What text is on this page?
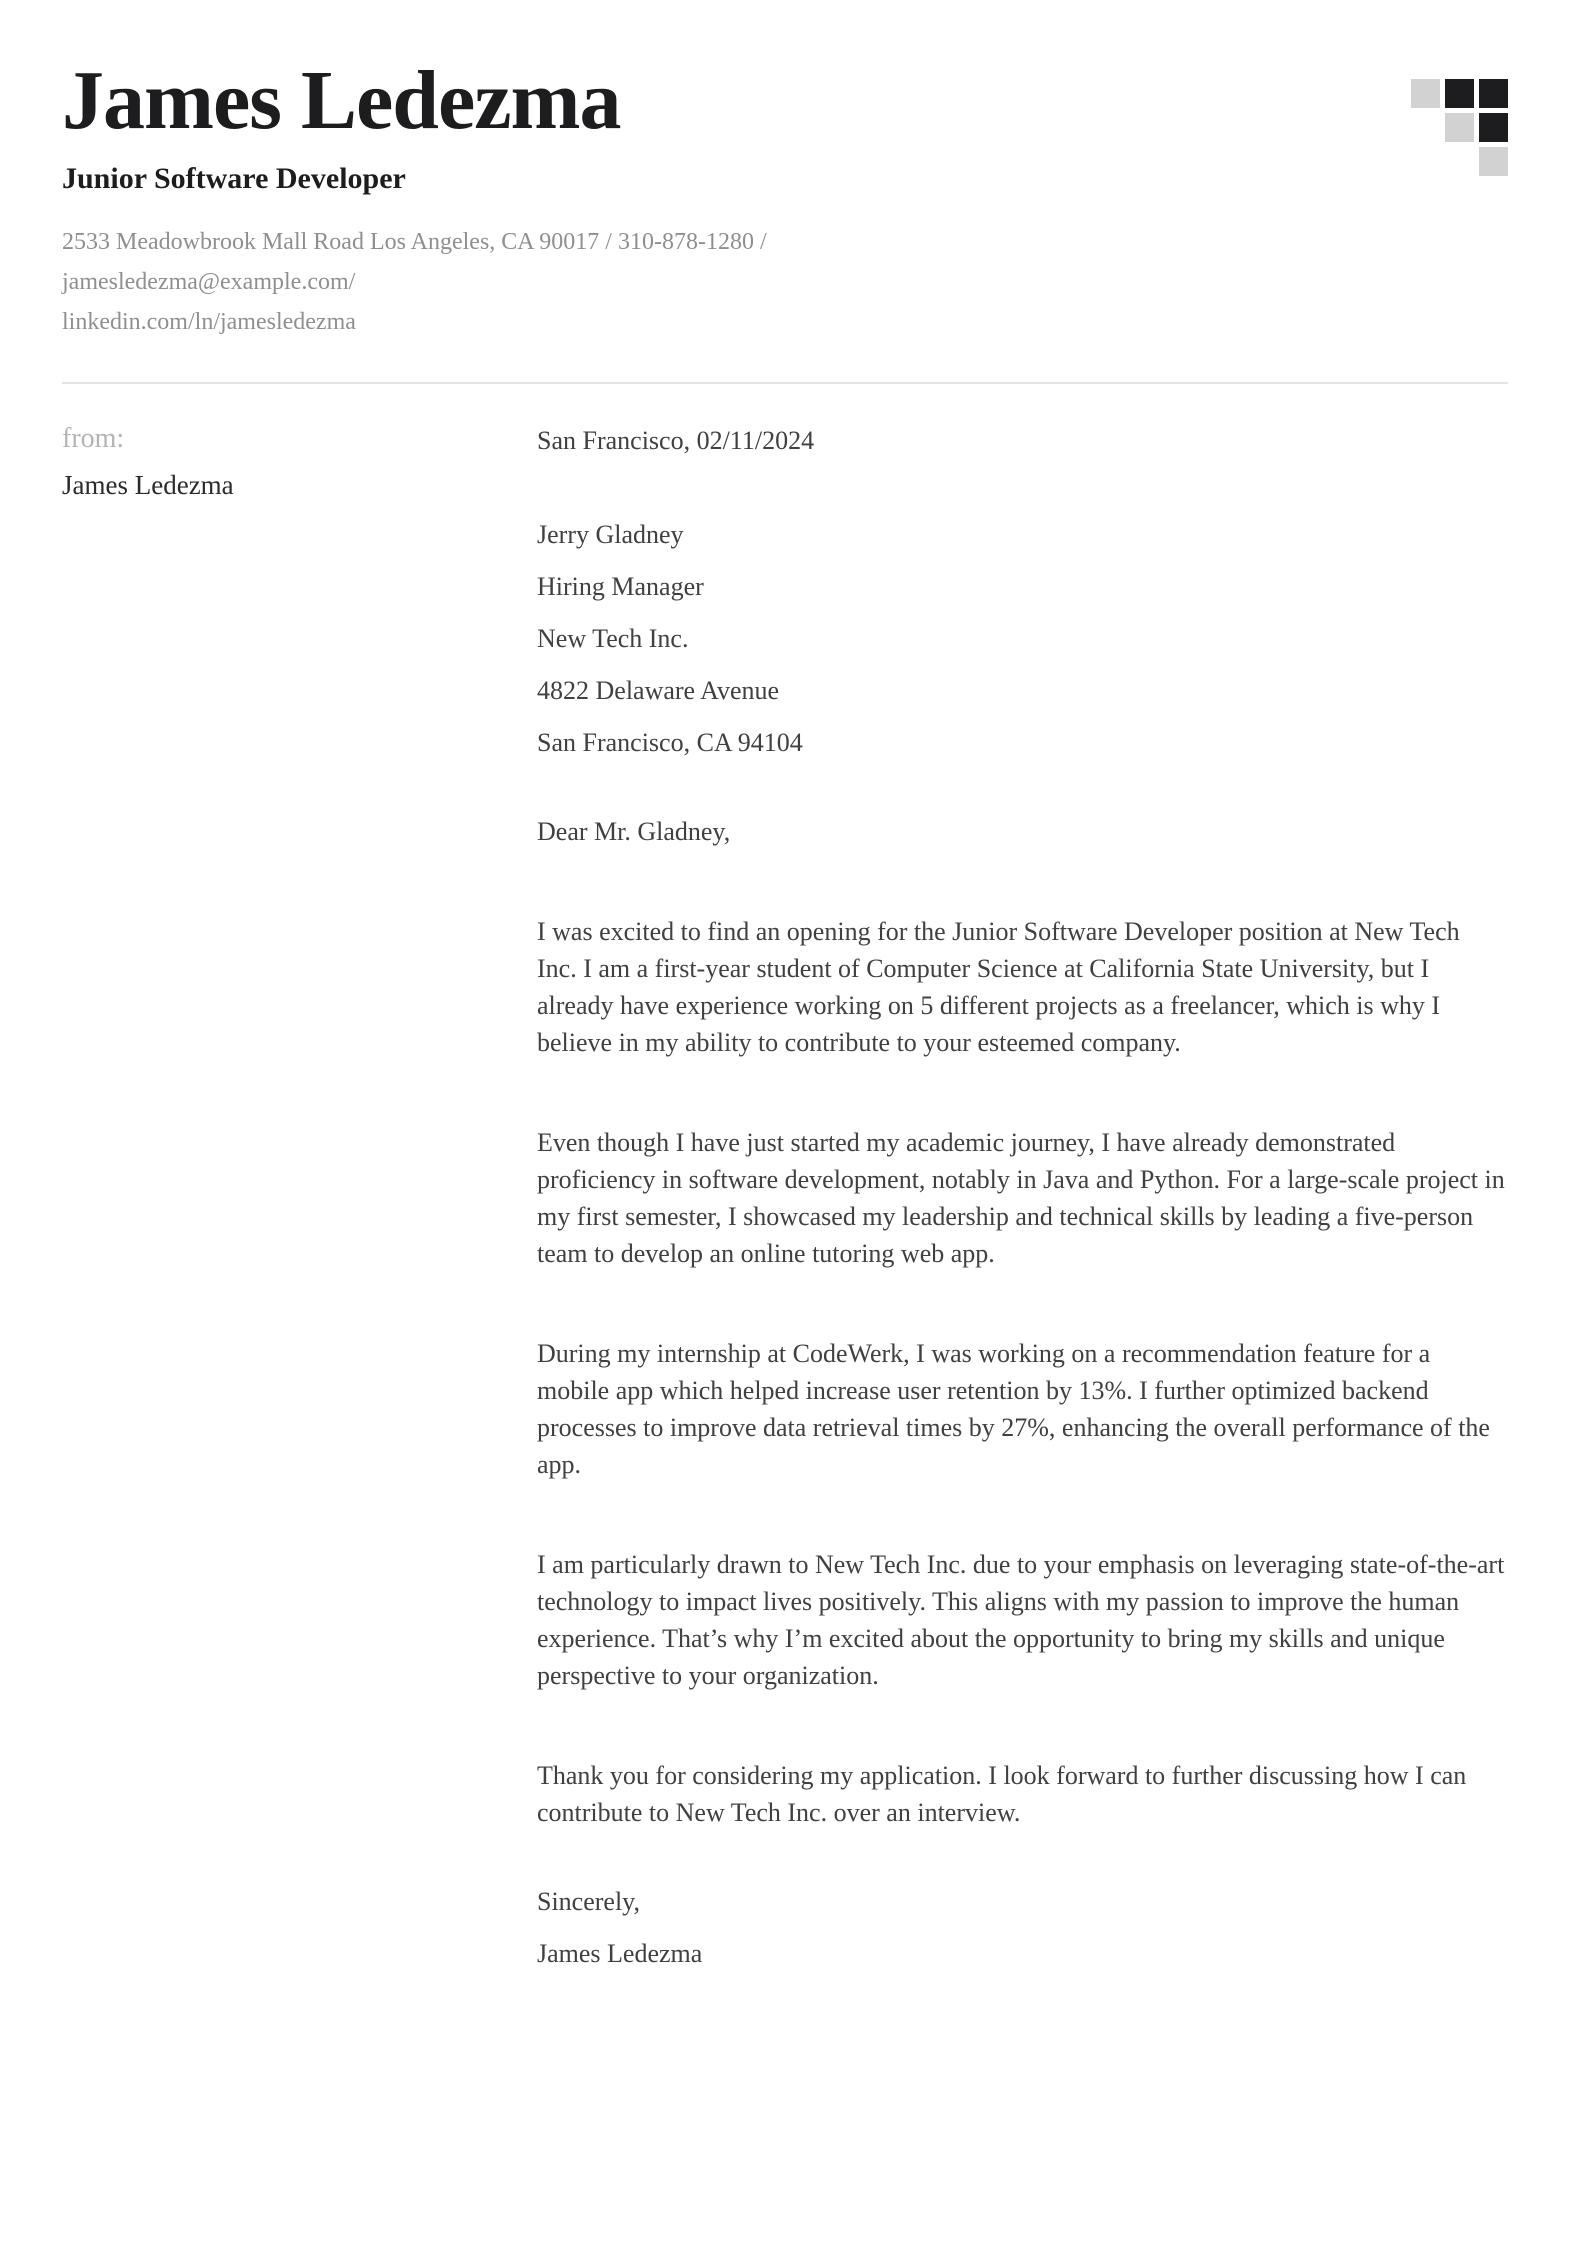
James Ledezma
Junior Software Developer

2533 Meadowbrook Mall Road Los Angeles, CA 90017 / 310-878-1280 / jamesledezma@example.com/
linkedin.com/ln/jamesledezma

from:
James Ledezma

San Francisco, 02/11/2024

Jerry Gladney

Hiring Manager

New Tech Inc.

4822 Delaware Avenue

San Francisco, CA 94104

Dear Mr. Gladney,

I was excited to find an opening for the Junior Software Developer position at New Tech Inc. I am a first-year student of Computer Science at California State University, but I already have experience working on 5 different projects as a freelancer, which is why I believe in my ability to contribute to your esteemed company.

Even though I have just started my academic journey, I have already demonstrated proficiency in software development, notably in Java and Python. For a large-scale project in my first semester, I showcased my leadership and technical skills by leading a five-person team to develop an online tutoring web app.

During my internship at CodeWerk, I was working on a recommendation feature for a mobile app which helped increase user retention by 13%. I further optimized backend processes to improve data retrieval times by 27%, enhancing the overall performance of the app.

I am particularly drawn to New Tech Inc. due to your emphasis on leveraging state-of-the-art technology to impact lives positively. This aligns with my passion to improve the human experience. That’s why I’m excited about the opportunity to bring my skills and unique perspective to your organization.

Thank you for considering my application. I look forward to further discussing how I can contribute to New Tech Inc. over an interview.

Sincerely,

James Ledezma
